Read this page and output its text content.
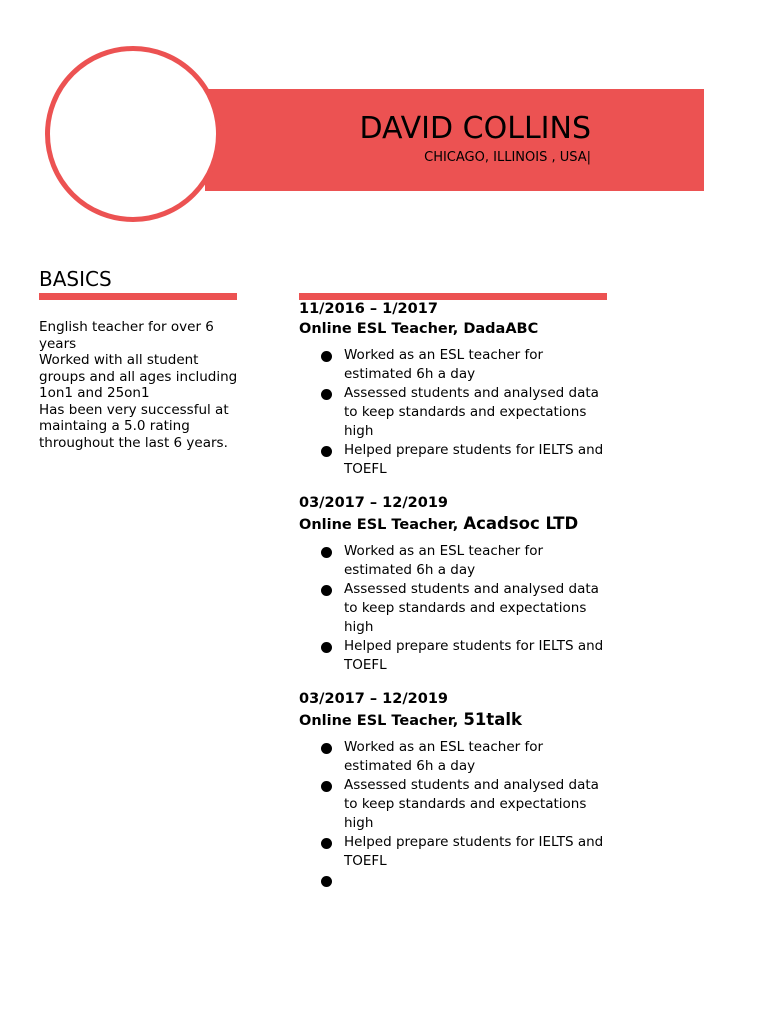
DAVID COLLINS
CHICAGO, ILLINOIS , USA|
BASICS
English teacher for over 6 years
Worked with all student groups and all ages including 1on1 and 25on1
Has been very successful at maintaing a 5.0 rating throughout the last 6 years.
11/2016 – 1/2017
Online ESL Teacher, DadaABC
Worked as an ESL teacher for estimated 6h a day
Assessed students and analysed data to keep standards and expectations high
Helped prepare students for IELTS and TOEFL
03/2017 – 12/2019
Online ESL Teacher, Acadsoc LTD
Worked as an ESL teacher for estimated 6h a day
Assessed students and analysed data to keep standards and expectations high
Helped prepare students for IELTS and TOEFL
03/2017 – 12/2019
Online ESL Teacher, 51talk
Worked as an ESL teacher for estimated 6h a day
Assessed students and analysed data to keep standards and expectations high
Helped prepare students for IELTS and TOEFL
